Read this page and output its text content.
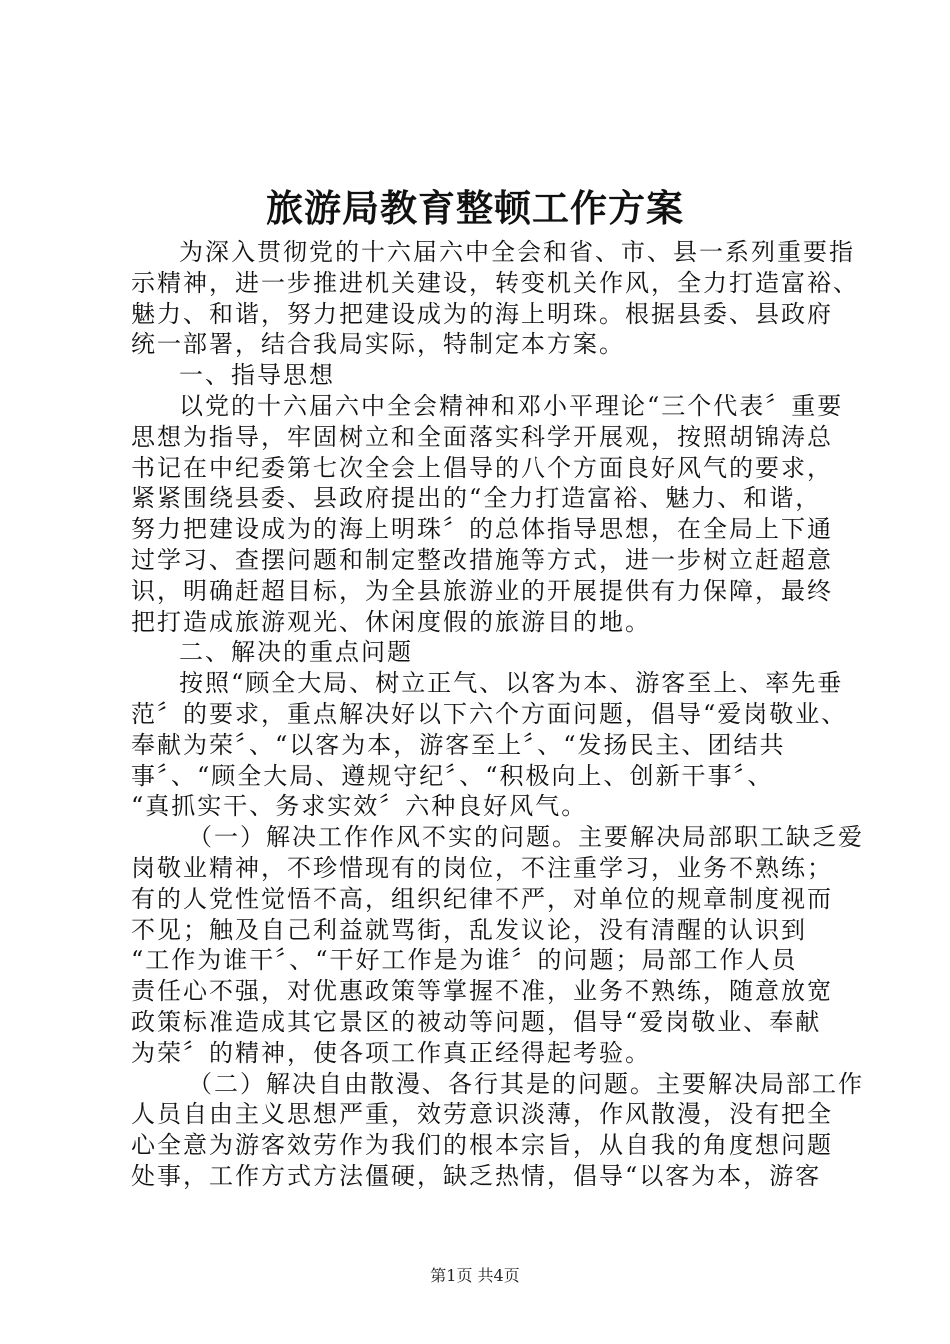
旅游局教育整顿工作方案
为深入贯彻党的十六届六中全会和省、市、县一系列重要指
示精神，进一步推进机关建设，转变机关作风，全力打造富裕、
魅力、和谐，努力把建设成为的海上明珠。根据县委、县政府
统一部署，结合我局实际，特制定本方案。
一、指导思想
以党的十六届六中全会精神和邓小平理论“三个代表〞重要
思想为指导，牢固树立和全面落实科学开展观，按照胡锦涛总
书记在中纪委第七次全会上倡导的八个方面良好风气的要求，
紧紧围绕县委、县政府提出的“全力打造富裕、魅力、和谐，
努力把建设成为的海上明珠〞的总体指导思想，在全局上下通
过学习、查摆问题和制定整改措施等方式，进一步树立赶超意
识，明确赶超目标，为全县旅游业的开展提供有力保障，最终
把打造成旅游观光、休闲度假的旅游目的地。
二、解决的重点问题
按照“顾全大局、树立正气、以客为本、游客至上、率先垂
范〞的要求，重点解决好以下六个方面问题，倡导“爱岗敬业、
奉献为荣〞、“以客为本，游客至上〞、“发扬民主、团结共
事〞、“顾全大局、遵规守纪〞、“积极向上、创新干事〞、
“真抓实干、务求实效〞六种良好风气。
（一）解决工作作风不实的问题。主要解决局部职工缺乏爱
岗敬业精神，不珍惜现有的岗位，不注重学习，业务不熟练；
有的人党性觉悟不高，组织纪律不严，对单位的规章制度视而
不见；触及自己利益就骂街，乱发议论，没有清醒的认识到
“工作为谁干〞、“干好工作是为谁〞的问题；局部工作人员
责任心不强，对优惠政策等掌握不准，业务不熟练，随意放宽
政策标准造成其它景区的被动等问题，倡导“爱岗敬业、奉献
为荣〞的精神，使各项工作真正经得起考验。
（二）解决自由散漫、各行其是的问题。主要解决局部工作
人员自由主义思想严重，效劳意识淡薄，作风散漫，没有把全
心全意为游客效劳作为我们的根本宗旨，从自我的角度想问题
处事，工作方式方法僵硬，缺乏热情，倡导“以客为本，游客
第1页 共4页
